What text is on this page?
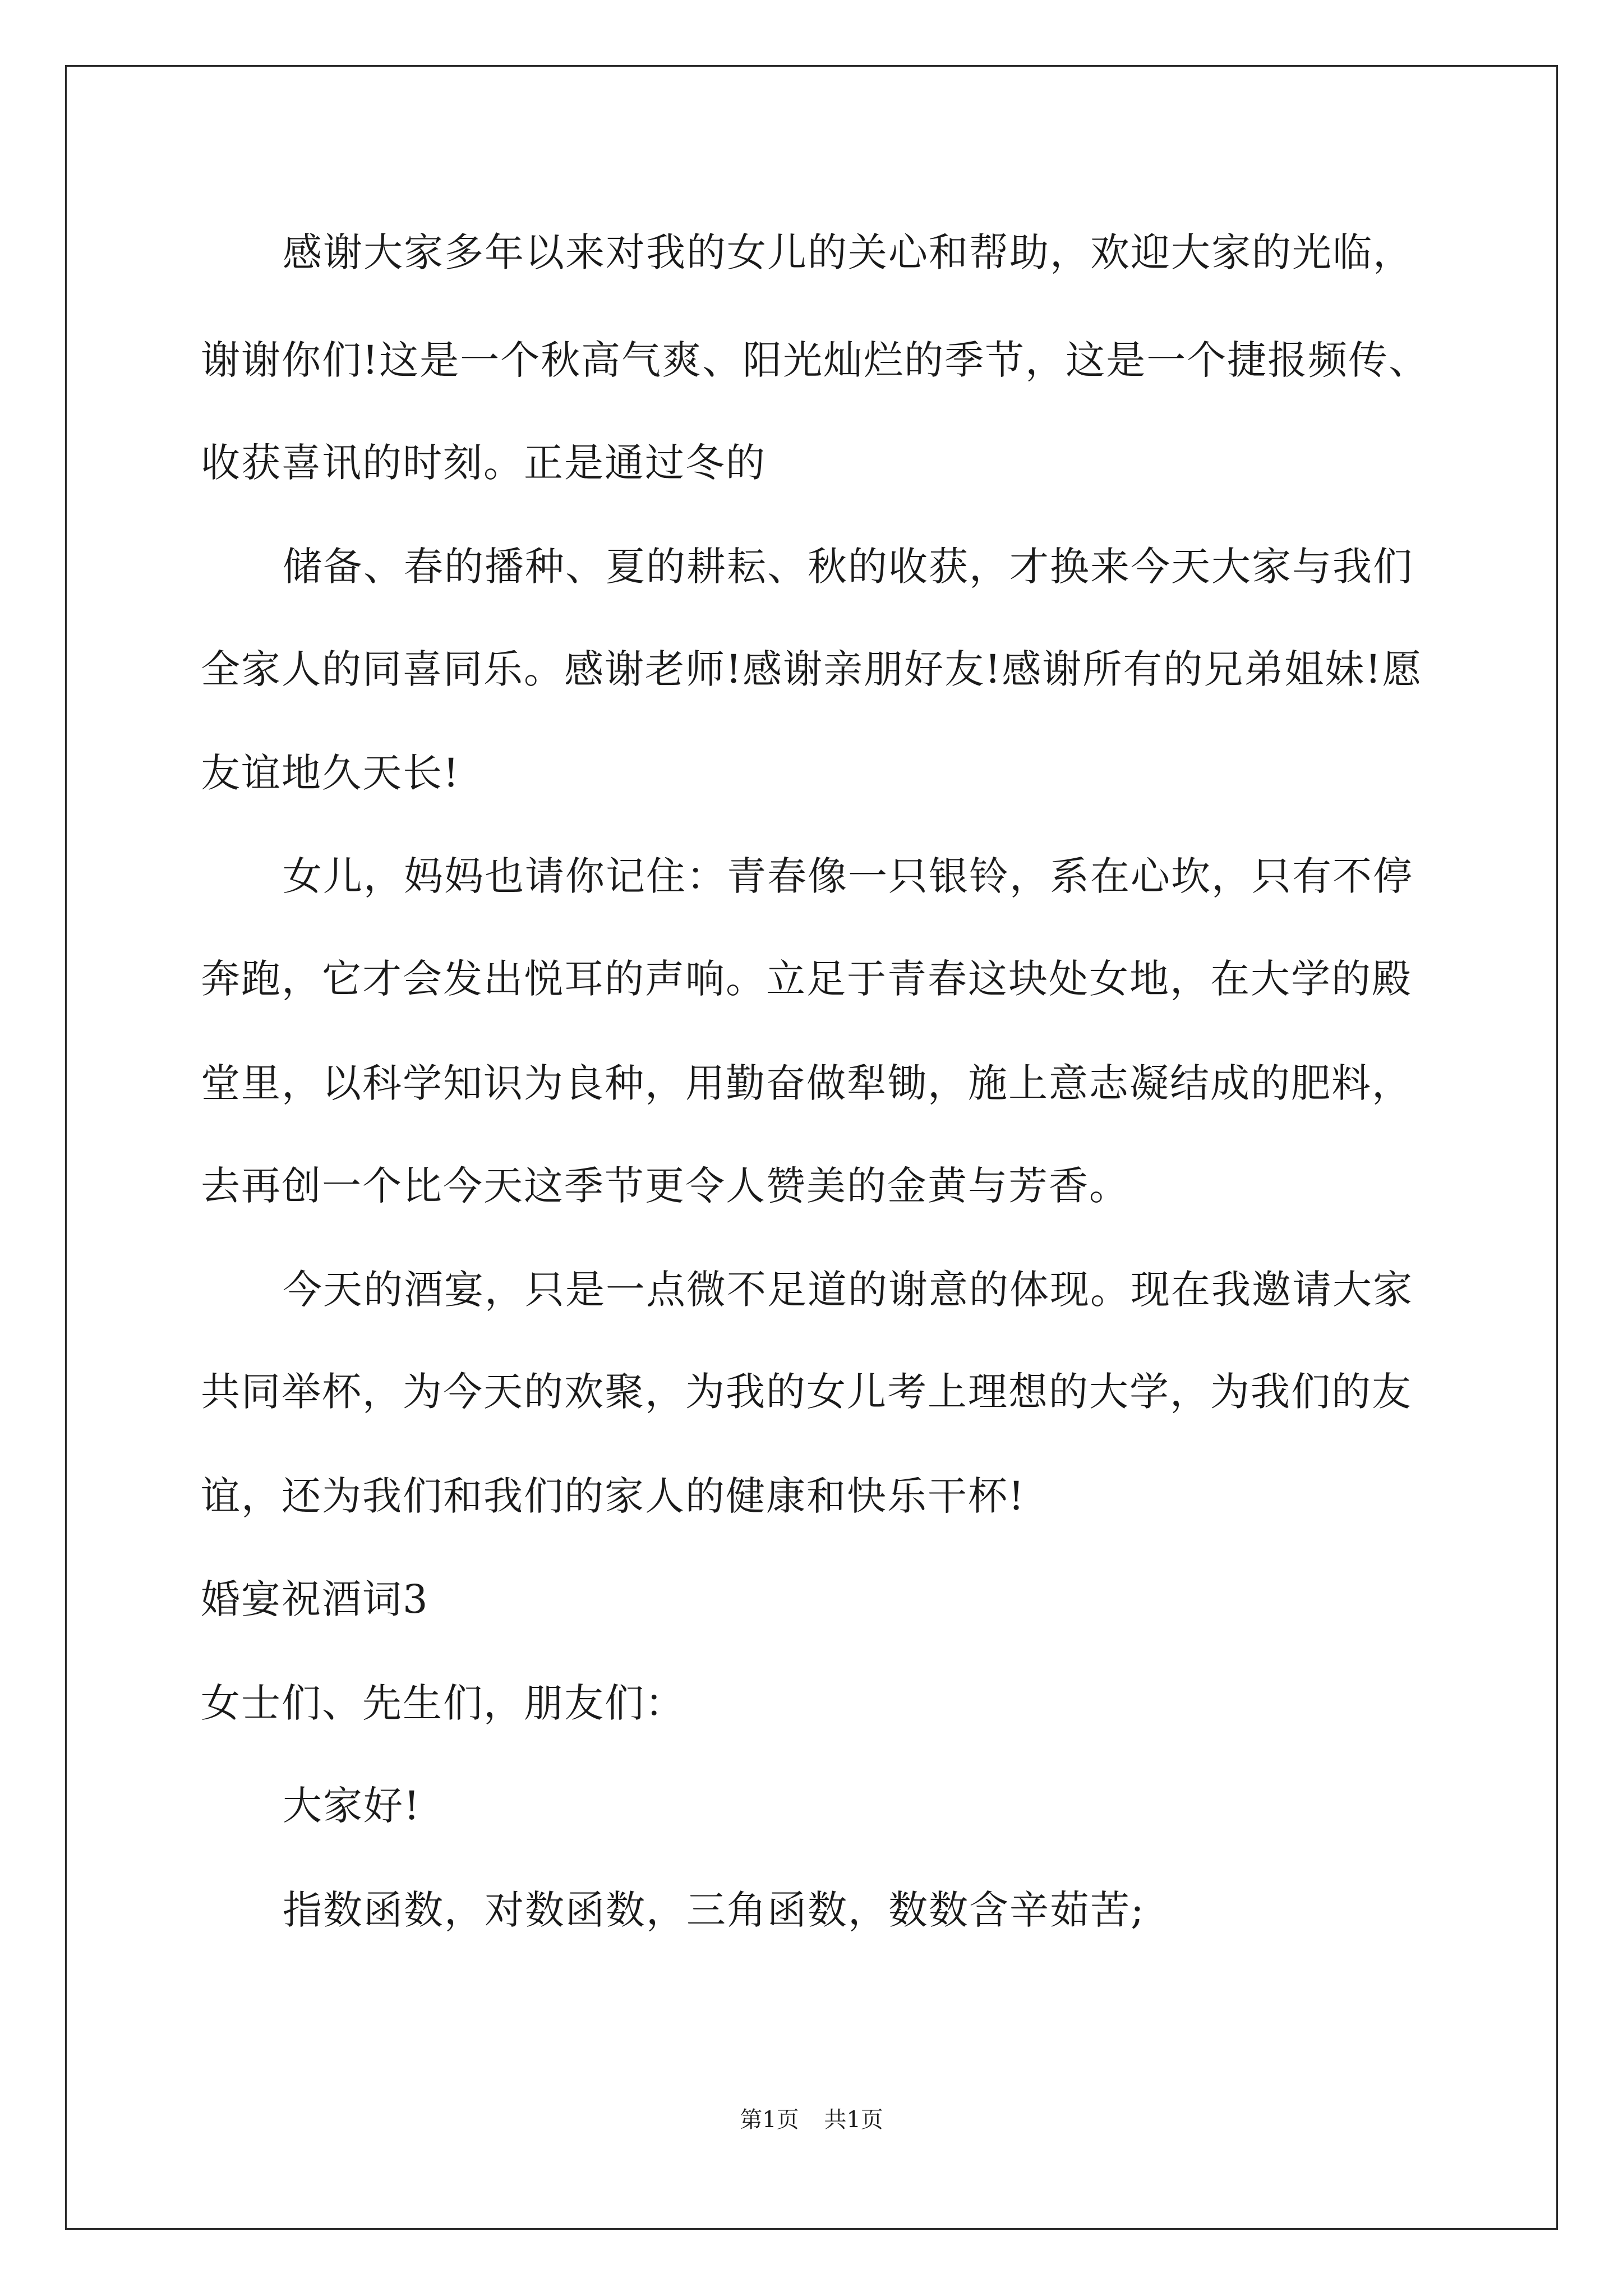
感谢大家多年以来对我的女儿的关心和帮助，欢迎大家的光临，
谢谢你们!这是一个秋高气爽、阳光灿烂的季节，这是一个捷报频传、
收获喜讯的时刻。正是通过冬的
储备、春的播种、夏的耕耘、秋的收获，才换来今天大家与我们
全家人的同喜同乐。感谢老师!感谢亲朋好友!感谢所有的兄弟姐妹!愿
友谊地久天长!
女儿，妈妈也请你记住：青春像一只银铃，系在心坎，只有不停
奔跑，它才会发出悦耳的声响。立足于青春这块处女地，在大学的殿
堂里，以科学知识为良种，用勤奋做犁锄，施上意志凝结成的肥料，
去再创一个比今天这季节更令人赞美的金黄与芳香。
今天的酒宴，只是一点微不足道的谢意的体现。现在我邀请大家
共同举杯，为今天的欢聚，为我的女儿考上理想的大学，为我们的友
谊，还为我们和我们的家人的健康和快乐干杯!
婚宴祝酒词3
女士们、先生们，朋友们：
大家好!
指数函数，对数函数，三角函数，数数含辛茹苦;
第1页 共1页
